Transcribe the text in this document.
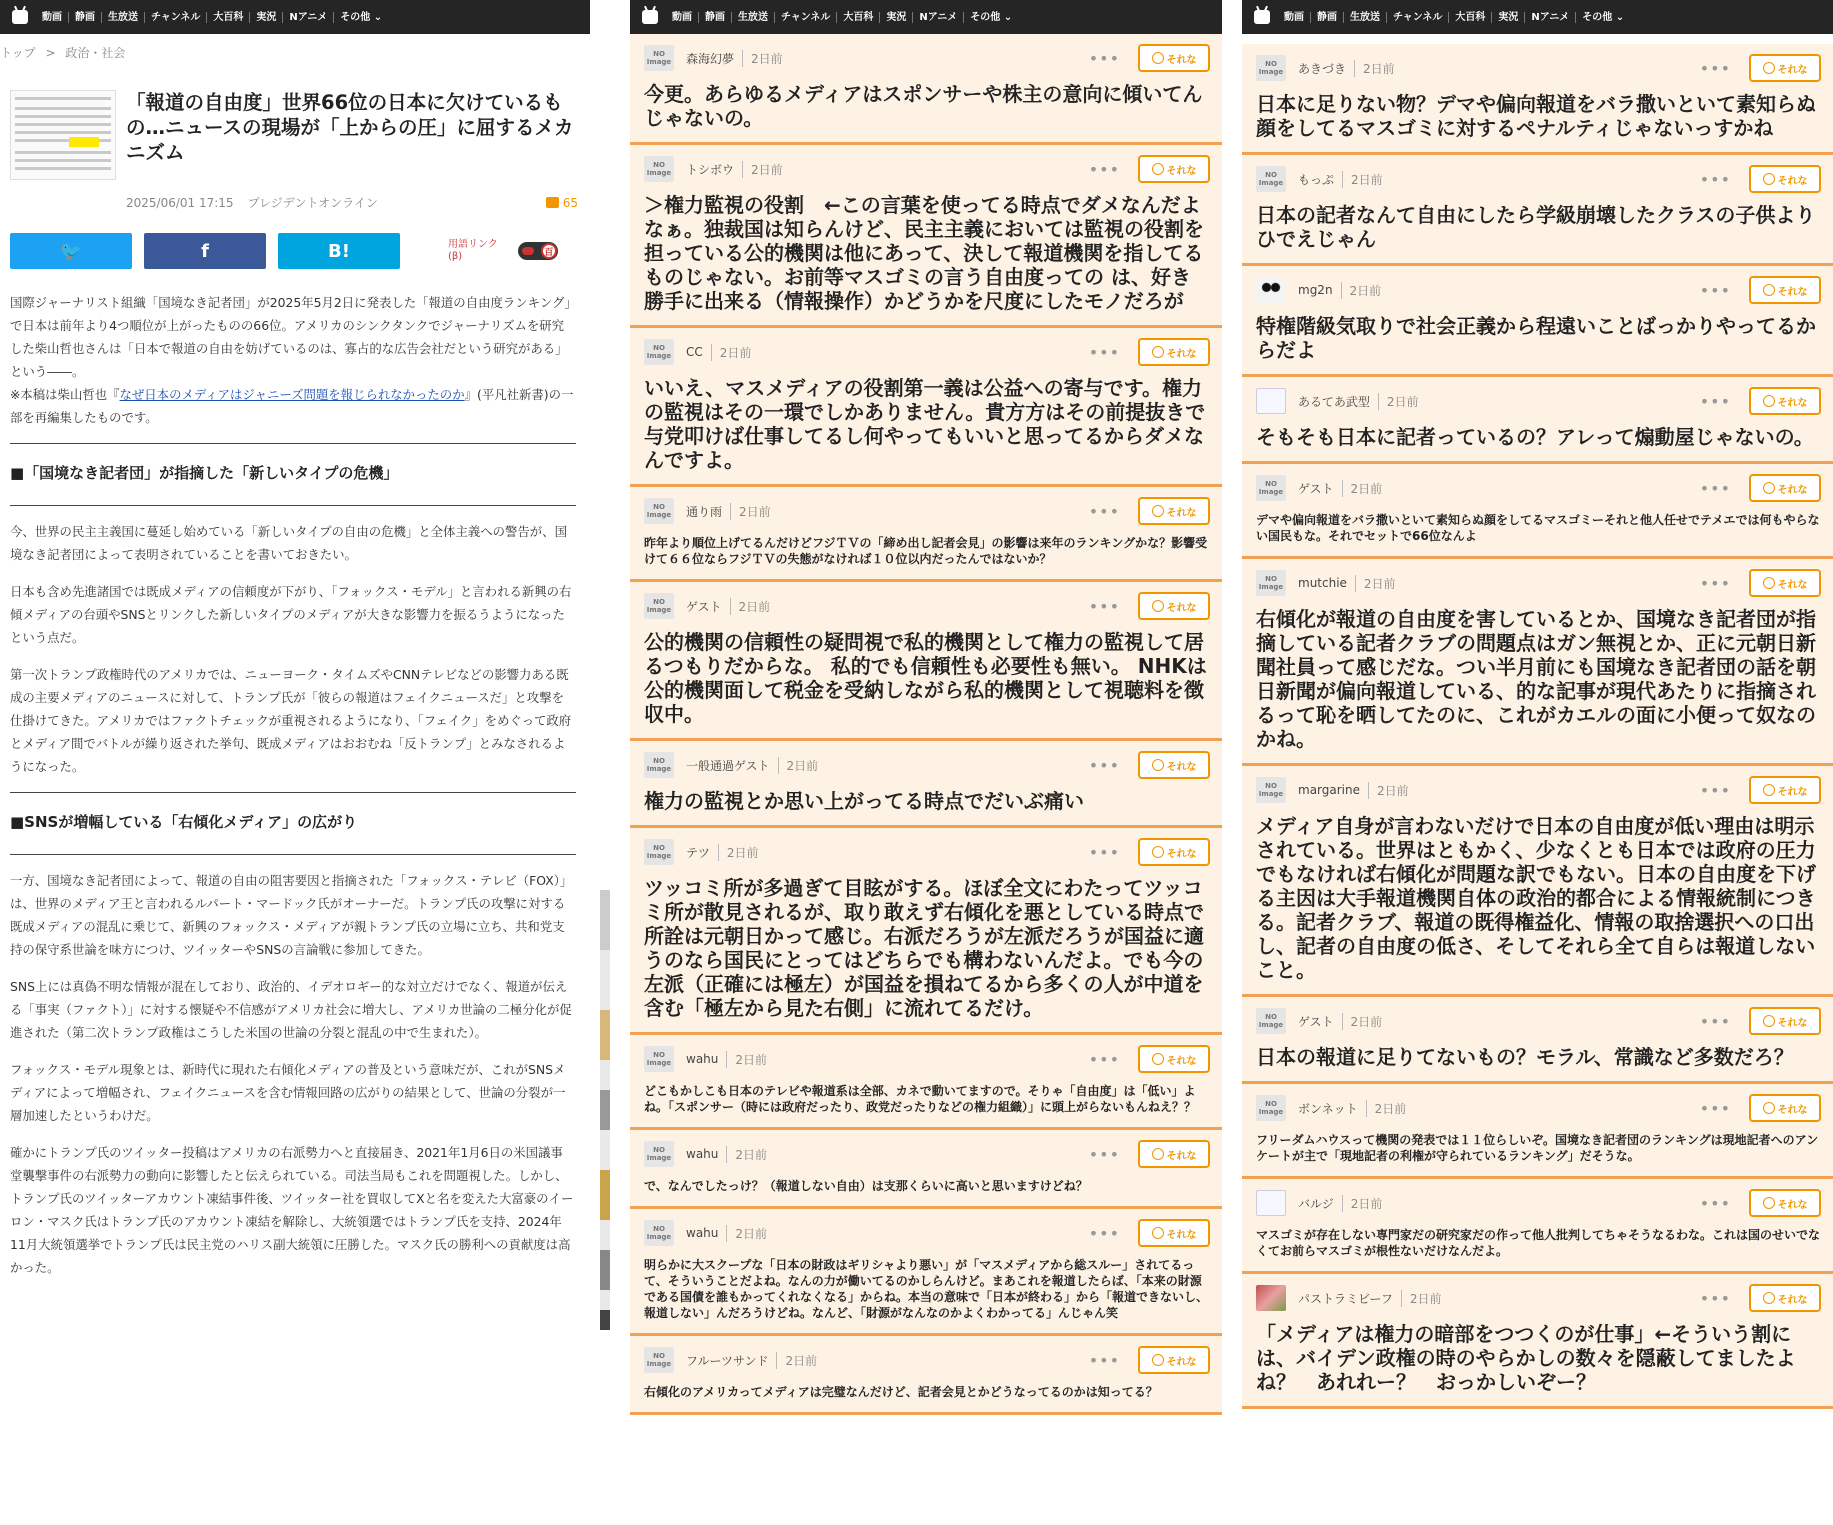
動画	静画	生放送	チャンネル	大百科	実況	Nアニメ	その他 ⌄
トップ > 政治・社会
「報道の自由度」世界66位の日本に欠けているもの…ニュースの現場が「上からの圧」に屈するメカニズム
2025/06/01 17:15 プレジデントオンライン	65
🐦	f	B!	用語リンク
(β)	百

国際ジャーナリスト組織「国境なき記者団」が2025年5月2日に発表した「報道の自由度ランキング」で日本は前年より4つ順位が上がったものの66位。アメリカのシンクタンクでジャーナリズムを研究した柴山哲也さんは「日本で報道の自由を妨げているのは、寡占的な広告会社だという研究がある」という――。
※本稿は柴山哲也『なぜ日本のメディアはジャニーズ問題を報じられなかったのか』(平凡社新書)の一部を再編集したものです。

■「国境なき記者団」が指摘した「新しいタイプの危機」

今、世界の民主主義国に蔓延し始めている「新しいタイプの自由の危機」と全体主義への警告が、国境なき記者団によって表明されていることを書いておきたい。

日本も含め先進諸国では既成メディアの信頼度が下がり、「フォックス・モデル」と言われる新興の右傾メディアの台頭やSNSとリンクした新しいタイプのメディアが大きな影響力を振るうようになったという点だ。

第一次トランプ政権時代のアメリカでは、ニューヨーク・タイムズやCNNテレビなどの影響力ある既成の主要メディアのニュースに対して、トランプ氏が「彼らの報道はフェイクニュースだ」と攻撃を仕掛けてきた。アメリカではファクトチェックが重視されるようになり、「フェイク」をめぐって政府とメディア間でバトルが繰り返された挙句、既成メディアはおおむね「反トランプ」とみなされるようになった。

■SNSが増幅している「右傾化メディア」の広がり

一方、国境なき記者団によって、報道の自由の阻害要因と指摘された「フォックス・テレビ（FOX）」は、世界のメディア王と言われるルパート・マードック氏がオーナーだ。トランプ氏の攻撃に対する既成メディアの混乱に乗じて、新興のフォックス・メディアが親トランプ氏の立場に立ち、共和党支持の保守系世論を味方につけ、ツイッターやSNSの言論戦に参加してきた。

SNS上には真偽不明な情報が混在しており、政治的、イデオロギー的な対立だけでなく、報道が伝える「事実（ファクト）」に対する懐疑や不信感がアメリカ社会に増大し、アメリカ世論の二極分化が促進された（第二次トランプ政権はこうした米国の世論の分裂と混乱の中で生まれた）。

フォックス・モデル現象とは、新時代に現れた右傾化メディアの普及という意味だが、これがSNSメディアによって増幅され、フェイクニュースを含む情報回路の広がりの結果として、世論の分裂が一層加速したというわけだ。

確かにトランプ氏のツイッター投稿はアメリカの右派勢力へと直接届き、2021年1月6日の米国議事堂襲撃事件の右派勢力の動向に影響したと伝えられている。司法当局もこれを問題視した。しかし、トランプ氏のツイッターアカウント凍結事件後、ツイッター社を買収してXと名を変えた大富豪のイーロン・マスク氏はトランプ氏のアカウント凍結を解除し、大統領選ではトランプ氏を支持、2024年11月大統領選挙でトランプ氏は民主党のハリス副大統領に圧勝した。マスク氏の勝利への貢献度は高かった。

動画	静画	生放送	チャンネル	大百科	実況	Nアニメ	その他 ⌄
NO
Image 森海幻夢	2日前	•••	それな
今更。あらゆるメディアはスポンサーや株主の意向に傾いてんじゃないの。
NO
Image トシボウ	2日前	•••	それな
＞権力監視の役割　←この言葉を使ってる時点でダメなんだよなぁ。独裁国は知らんけど、民主主義においては監視の役割を担っている公的機関は他にあって、決して報道機関を指してるものじゃない。お前等マスゴミの言う自由度っての は、好き勝手に出来る（情報操作）かどうかを尺度にしたモノだろが
NO
Image CC	2日前	•••	それな
いいえ、マスメディアの役割第一義は公益への寄与です。権力の監視はその一環でしかありません。貴方方はその前提抜きで与党叩けば仕事してるし何やってもいいと思ってるからダメなんですよ。
NO
Image 通り雨	2日前	•••	それな
昨年より順位上げてるんだけどフジＴＶの「締め出し記者会見」の影響は来年のランキングかな？影響受けて６６位ならフジＴＶの失態がなければ１０位以内だったんではないか？
NO
Image ゲスト	2日前	•••	それな
公的機関の信頼性の疑問視で私的機関として権力の監視して居るつもりだからな。 私的でも信頼性も必要性も無い。 NHKは公的機関面して税金を受納しながら私的機関として視聴料を徴収中。
NO
Image 一般通過ゲスト	2日前	•••	それな
権力の監視とか思い上がってる時点でだいぶ痛い
NO
Image テツ	2日前	•••	それな
ツッコミ所が多過ぎて目眩がする。ほぼ全文にわたってツッコミ所が散見されるが、取り敢えず右傾化を悪としている時点で所詮は元朝日かって感じ。右派だろうが左派だろうが国益に適うのなら国民にとってはどちらでも構わないんだよ。でも今の左派（正確には極左）が国益を損ねてるから多くの人が中道を含む「極左から見た右側」に流れてるだけ。
NO
Image wahu	2日前	•••	それな
どこもかしこも日本のテレビや報道系は全部、カネで動いてますので。そりゃ「自由度」は「低い」よね。「スポンサー（時には政府だったり、政党だったりなどの権力組織）」に頭上がらないもんねえ？？
NO
Image wahu	2日前	•••	それな
で、なんでしたっけ？（報道しない自由）は支那くらいに高いと思いますけどね？
NO
Image wahu	2日前	•••	それな
明らかに大スクープな「日本の財政はギリシャより悪い」が「マスメディアから総スルー」されてるって、そういうことだよね。なんの力が働いてるのかしらんけど。まあこれを報道したらば、「本来の財源である国債を誰もかってくれなくなる」からね。本当の意味で「日本が終わる」から「報道できないし、報道しない」んだろうけどね。なんど、「財源がなんなのかよくわかってる」んじゃん笑
NO
Image フルーツサンド	2日前	•••	それな
右傾化のアメリカってメディアは完璧なんだけど、記者会見とかどうなってるのかは知ってる？
動画	静画	生放送	チャンネル	大百科	実況	Nアニメ	その他 ⌄
NO
Image あきづき	2日前	•••	それな
日本に足りない物？デマや偏向報道をバラ撒いといて素知らぬ顔をしてるマスゴミに対するペナルティじゃないっすかね
NO
Image もっぷ	2日前	•••	それな
日本の記者なんて自由にしたら学級崩壊したクラスの子供よりひでえじゃん
mg2n	2日前	•••	それな
特権階級気取りで社会正義から程遠いことばっかりやってるからだよ
あるてあ武型	2日前	•••	それな
そもそも日本に記者っているの？アレって煽動屋じゃないの。
NO
Image ゲスト	2日前	•••	それな
デマや偏向報道をバラ撒いといて素知らぬ顔をしてるマスゴミーそれと他人任せでテメエでは何もやらない国民もな。それでセットで66位なんよ
NO
Image mutchie	2日前	•••	それな
右傾化が報道の自由度を害しているとか、国境なき記者団が指摘している記者クラブの問題点はガン無視とか、正に元朝日新聞社員って感じだな。つい半月前にも国境なき記者団の話を朝日新聞が偏向報道している、的な記事が現代あたりに指摘されるって恥を晒してたのに、これがカエルの面に小便って奴なのかね。
NO
Image margarine	2日前	•••	それな
メディア自身が言わないだけで日本の自由度が低い理由は明示されている。世界はともかく、少なくとも日本では政府の圧力でもなければ右傾化が問題な訳でもない。日本の自由度を下げる主因は大手報道機関自体の政治的都合による情報統制につきる。記者クラブ、報道の既得権益化、情報の取捨選択への口出し、記者の自由度の低さ、そしてそれら全て自らは報道しないこと。
NO
Image ゲスト	2日前	•••	それな
日本の報道に足りてないもの？モラル、常識など多数だろ？
NO
Image ボンネット	2日前	•••	それな
フリーダムハウスって機関の発表では１１位らしいぞ。国境なき記者団のランキングは現地記者へのアンケートが主で「現地記者の利権が守られているランキング」だそうな。
バルジ	2日前	•••	それな
マスゴミが存在しない専門家だの研究家だの作って他人批判してちゃそうなるわな。これは国のせいでなくてお前らマスゴミが根性ないだけなんだよ。
パストラミビーフ	2日前	•••	それな
「メディアは権力の暗部をつつくのが仕事」←そういう割には、バイデン政権の時のやらかしの数々を隠蔽してましたよね？　あれれー？　おっかしいぞー？
